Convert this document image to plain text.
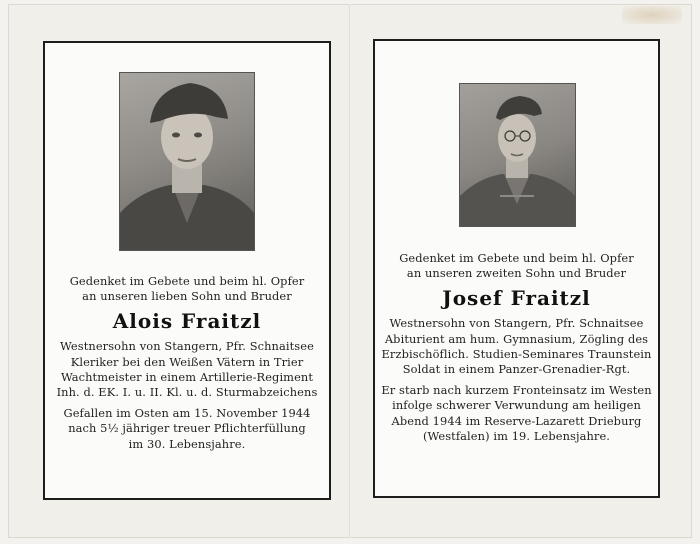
Gedenket im Gebete und beim hl. Opfer
an unseren lieben Sohn und Bruder
Alois Fraitzl
Westnersohn von Stangern, Pfr. Schnaitsee
Kleriker bei den Weißen Vätern in Trier
Wachtmeister in einem Artillerie-Regiment
Inh. d. EK. I. u. II. Kl. u. d. Sturmabzeichens
Gefallen im Osten am 15. November 1944
nach 5½ jähriger treuer Pflichterfüllung
im 30. Lebensjahre.
Gedenket im Gebete und beim hl. Opfer
an unseren zweiten Sohn und Bruder
Josef Fraitzl
Westnersohn von Stangern, Pfr. Schnaitsee
Abiturient am hum. Gymnasium, Zögling des
Erzbischöflich. Studien-Seminares Traunstein
Soldat in einem Panzer-Grenadier-Rgt.
Er starb nach kurzem Fronteinsatz im Westen
infolge schwerer Verwundung am heiligen
Abend 1944 im Reserve-Lazarett Drieburg
(Westfalen) im 19. Lebensjahre.
